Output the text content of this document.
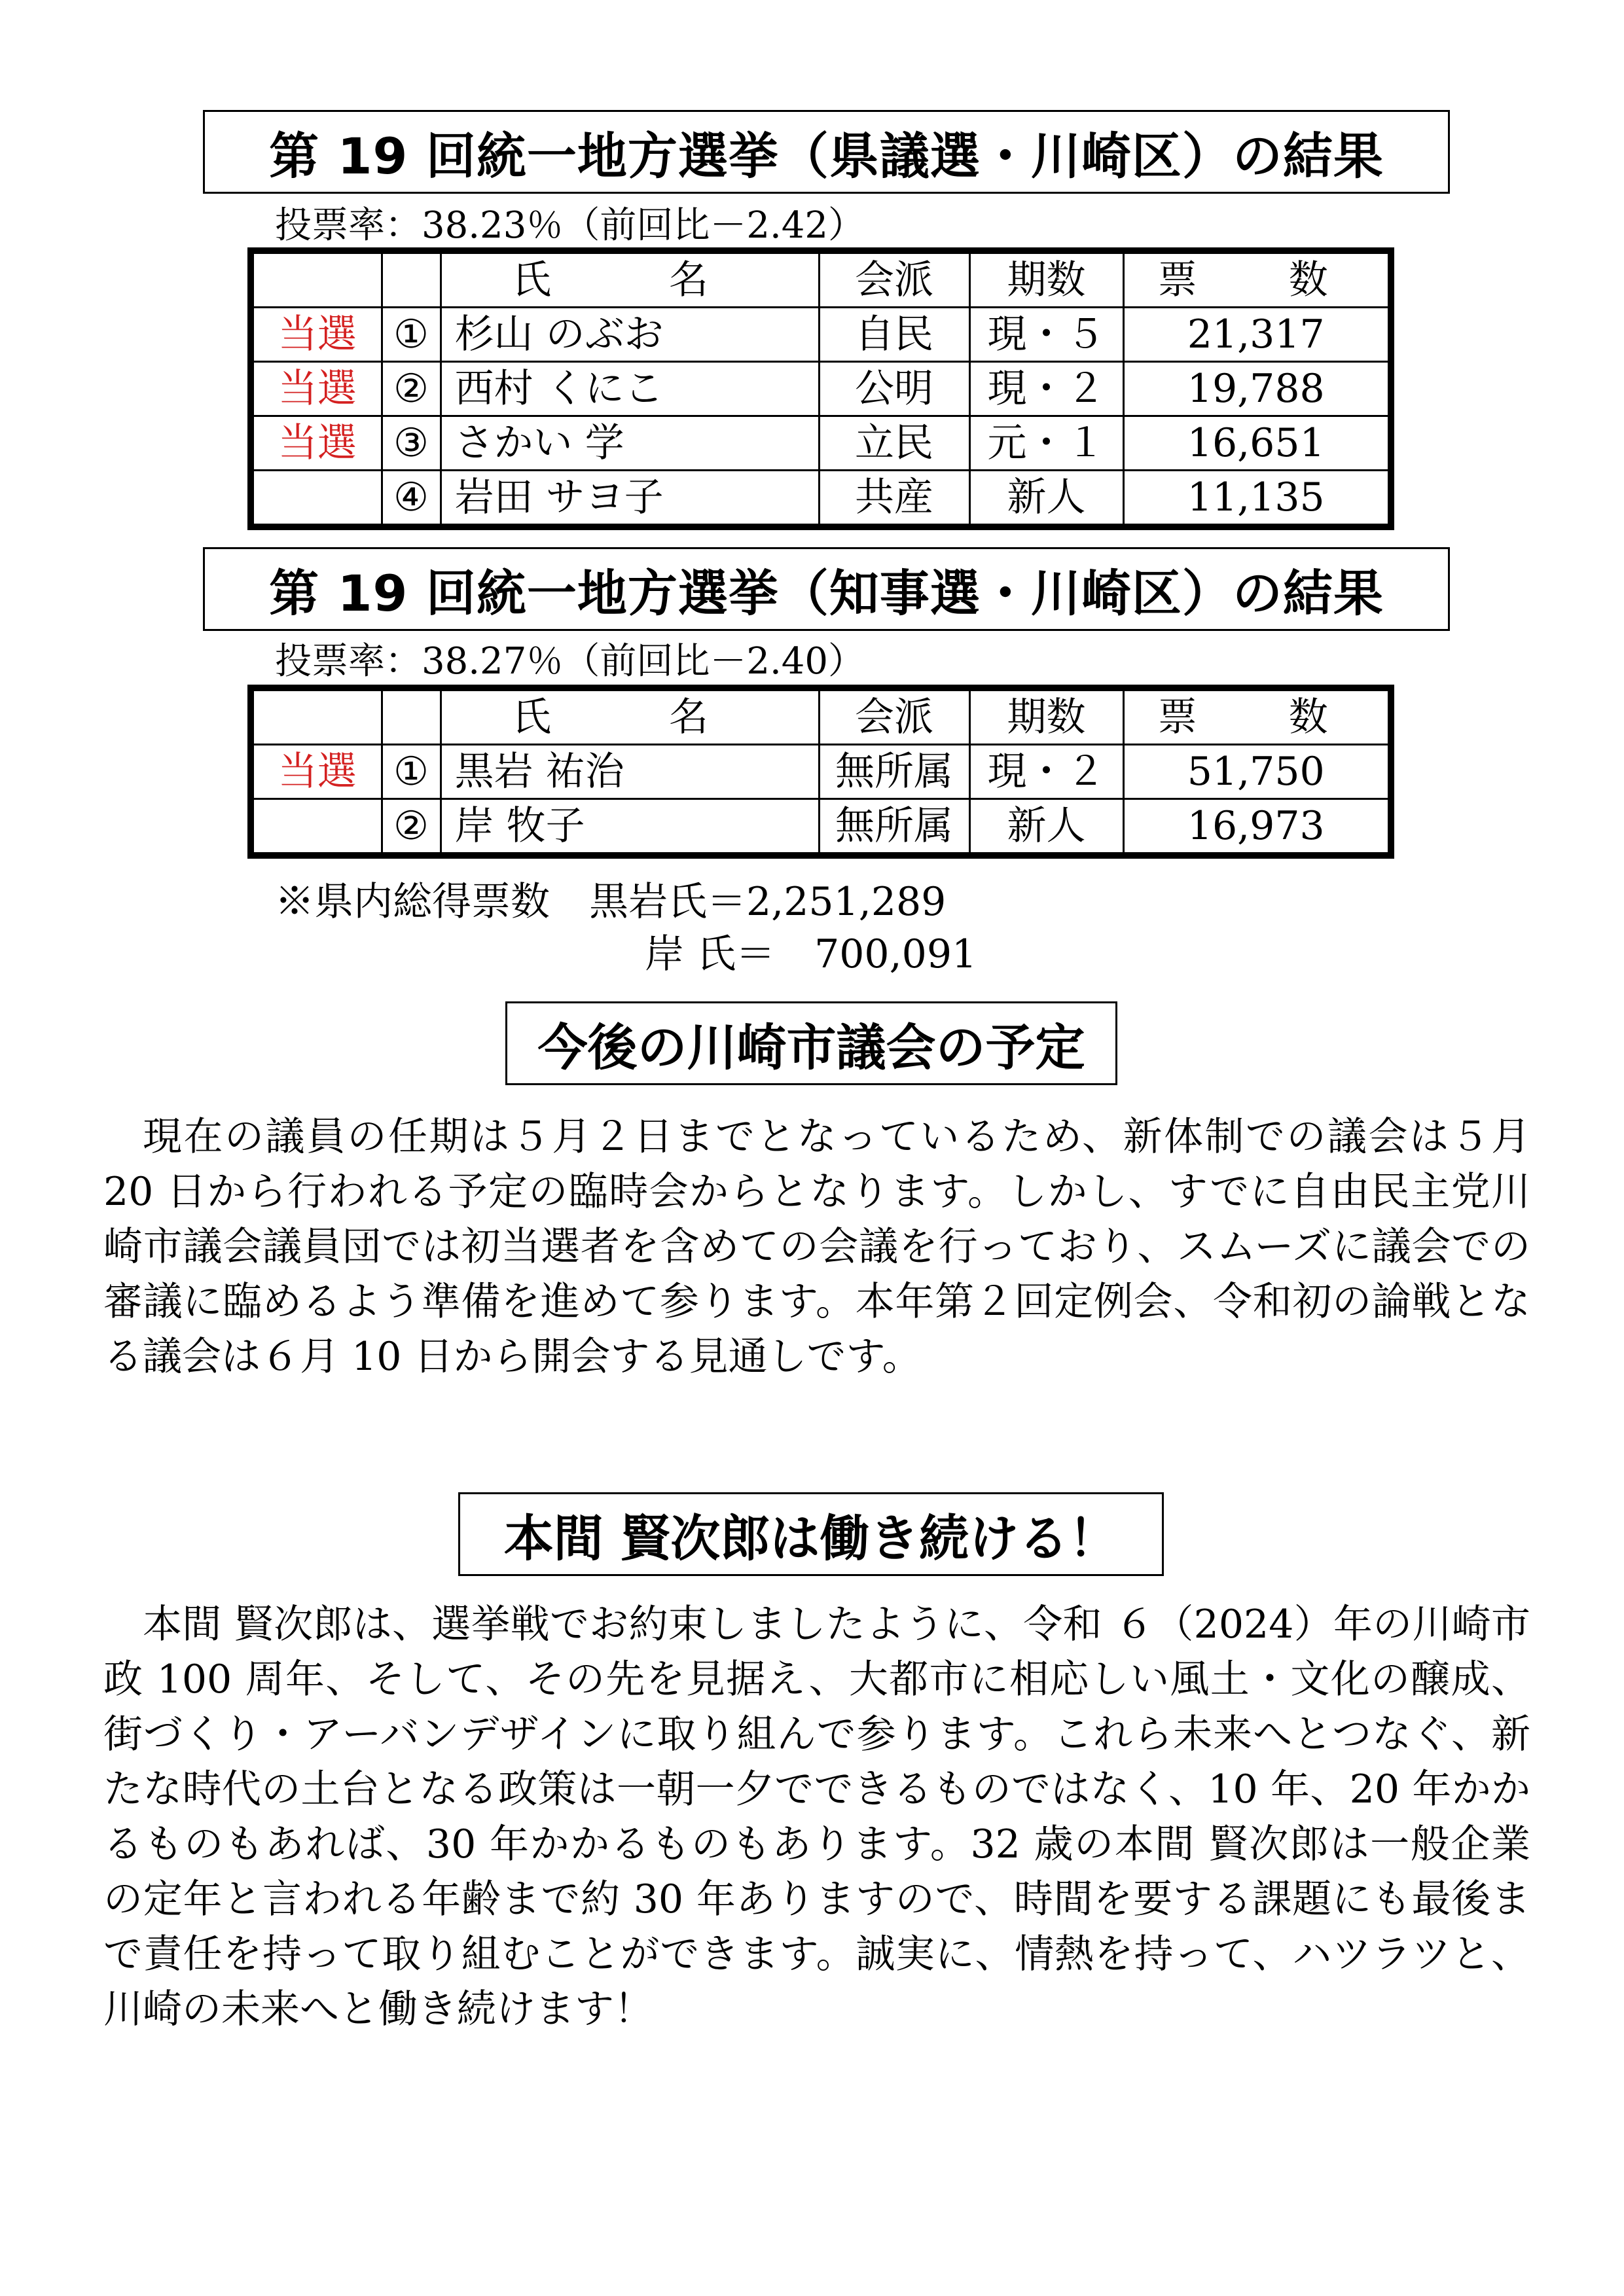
第 19 回統一地方選挙（県議選・川崎区）の結果
投票率：38.23％（前回比－2.42）
		氏　名	会派	期数	票　数
当選	①	杉山 のぶお	自民	現・５	21,317
当選	②	西村 くにこ	公明	現・２	19,788
当選	③	さかい 学	立民	元・１	16,651
	④	岩田 サヨ子	共産	新人	11,135
第 19 回統一地方選挙（知事選・川崎区）の結果
投票率：38.27％（前回比－2.40）
		氏　名	会派	期数	票　数
当選	①	黒岩 祐治	無所属	現・２	51,750
	②	岸 牧子	無所属	新人	16,973
※県内総得票数　黒岩氏＝2,251,289
岸 氏＝　700,091
今後の川崎市議会の予定

現在の議員の任期は５月２日までとなっているため、新体制での議会は５月 20 日から行われる予定の臨時会からとなります。しかし、すでに自由民主党川崎市議会議員団では初当選者を含めての会議を行っており、スムーズに議会での審議に臨めるよう準備を進めて参ります。本年第２回定例会、令和初の論戦となる議会は６月 10 日から開会する見通しです。

本間 賢次郎は働き続ける！

本間 賢次郎は、選挙戦でお約束しましたように、令和 ６（2024）年の川崎市政 100 周年、そして、その先を見据え、大都市に相応しい風土・文化の醸成、街づくり・アーバンデザインに取り組んで参ります。これら未来へとつなぐ、新たな時代の土台となる政策は一朝一夕でできるものではなく、10 年、20 年かかるものもあれば、30 年かかるものもあります。32 歳の本間 賢次郎は一般企業の定年と言われる年齢まで約 30 年ありますので、時間を要する課題にも最後まで責任を持って取り組むことができます。誠実に、情熱を持って、ハツラツと、川崎の未来へと働き続けます！
